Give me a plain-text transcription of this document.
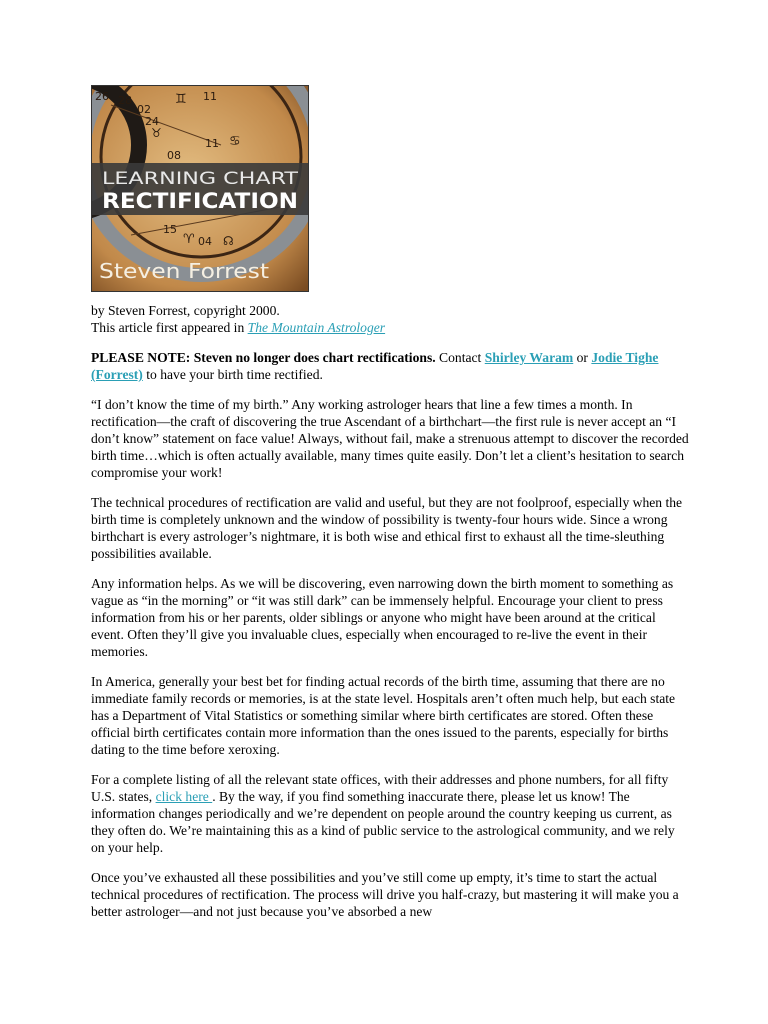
26 28
02
24
11
08
11
♊
♉
♋
LEARNING CHART
RECTIFICATION
15
♈ 04 ☊
Steven Forrest

by Steven Forrest, copyright 2000.
This article first appeared in The Mountain Astrologer

PLEASE NOTE: Steven no longer does chart rectifications. Contact Shirley Waram or Jodie Tighe (Forrest) to have your birth time rectified.

“I don’t know the time of my birth.” Any working astrologer hears that line a few times a month. In rectification—the craft of discovering the true Ascendant of a birthchart—the first rule is never accept an “I don’t know” statement on face value! Always, without fail, make a strenuous attempt to discover the recorded birth time…which is often actually available, many times quite easily. Don’t let a client’s hesitation to search compromise your work!

The technical procedures of rectification are valid and useful, but they are not foolproof, especially when the birth time is completely unknown and the window of possibility is twenty-four hours wide. Since a wrong birthchart is every astrologer’s nightmare, it is both wise and ethical first to exhaust all the time-sleuthing possibilities available.

Any information helps. As we will be discovering, even narrowing down the birth moment to something as vague as “in the morning” or “it was still dark” can be immensely helpful. Encourage your client to press information from his or her parents, older siblings or anyone who might have been around at the critical event. Often they’ll give you invaluable clues, especially when encouraged to re-live the event in their memories.

In America, generally your best bet for finding actual records of the birth time, assuming that there are no immediate family records or memories, is at the state level. Hospitals aren’t often much help, but each state has a Department of Vital Statistics or something similar where birth certificates are stored. Often these official birth certificates contain more information than the ones issued to the parents, especially for births dating to the time before xeroxing.

For a complete listing of all the relevant state offices, with their addresses and phone numbers, for all fifty U.S. states, click here . By the way, if you find something inaccurate there, please let us know! The information changes periodically and we’re dependent on people around the country keeping us current, as they often do. We’re maintaining this as a kind of public service to the astrological community, and we rely on your help.

Once you’ve exhausted all these possibilities and you’ve still come up empty, it’s time to start the actual technical procedures of rectification. The process will drive you half-crazy, but mastering it will make you a better astrologer—and not just because you’ve absorbed a new
